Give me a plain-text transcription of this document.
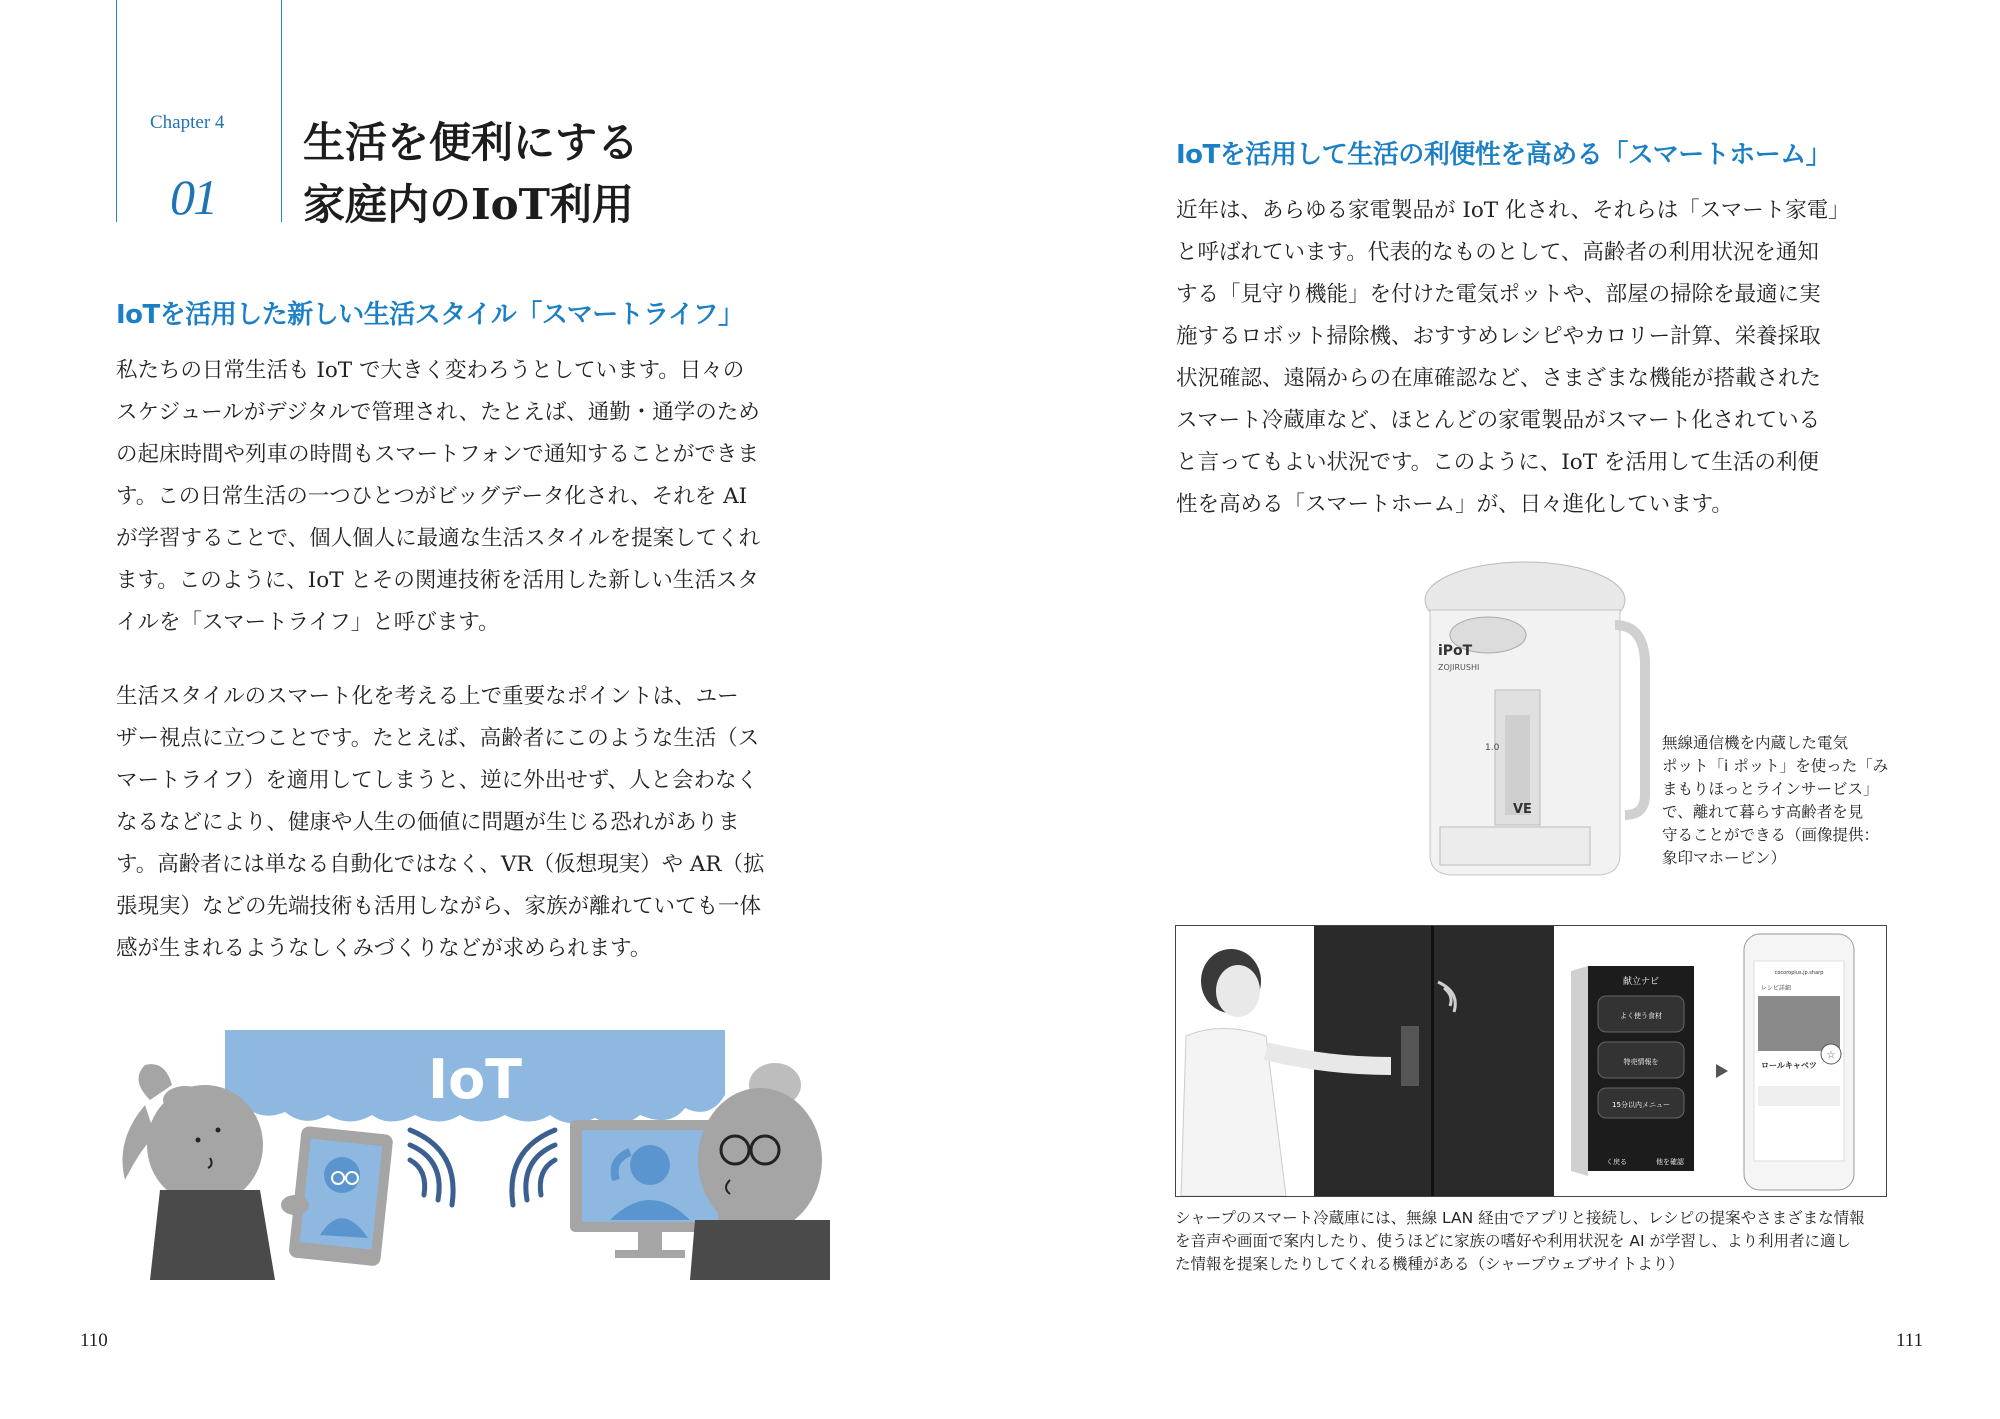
Chapter 4
01
生活を便利にする
家庭内のIoT利用
IoTを活用した新しい生活スタイル「スマートライフ」
私たちの日常生活も IoT で大きく変わろうとしています。日々の
スケジュールがデジタルで管理され、たとえば、通勤・通学のため
の起床時間や列車の時間もスマートフォンで通知することができま
す。この日常生活の一つひとつがビッグデータ化され、それを AI
が学習することで、個人個人に最適な生活スタイルを提案してくれ
ます。このように、IoT とその関連技術を活用した新しい生活スタ
イルを「スマートライフ」と呼びます。
生活スタイルのスマート化を考える上で重要なポイントは、ユー
ザー視点に立つことです。たとえば、高齢者にこのような生活（ス
マートライフ）を適用してしまうと、逆に外出せず、人と会わなく
なるなどにより、健康や人生の価値に問題が生じる恐れがありま
す。高齢者には単なる自動化ではなく、VR（仮想現実）や AR（拡
張現実）などの先端技術も活用しながら、家族が離れていても一体
感が生まれるようなしくみづくりなどが求められます。
IoT
110
IoTを活用して生活の利便性を高める「スマートホーム」
近年は、あらゆる家電製品が IoT 化され、それらは「スマート家電」
と呼ばれています。代表的なものとして、高齢者の利用状況を通知
する「見守り機能」を付けた電気ポットや、部屋の掃除を最適に実
施するロボット掃除機、おすすめレシピやカロリー計算、栄養採取
状況確認、遠隔からの在庫確認など、さまざまな機能が搭載された
スマート冷蔵庫など、ほとんどの家電製品がスマート化されている
と言ってもよい状況です。このように、IoT を活用して生活の利便
性を高める「スマートホーム」が、日々進化しています。
iPoT
ZOJIRUSHI
1.0
VE
無線通信機を内蔵した電気
ポット「i ポット」を使った「み
まもりほっとラインサービス」
で、離れて暮らす高齢者を見
守ることができる（画像提供：
象印マホービン）
献立ナビ
よく使う食材
特売情報を
15分以内メニュー
く戻る	他を確認
cocoroplus.jp.sharp
レシピ詳細
ロールキャベツ
☆
シャープのスマート冷蔵庫には、無線 LAN 経由でアプリと接続し、レシピの提案やさまざまな情報
を音声や画面で案内したり、使うほどに家族の嗜好や利用状況を AI が学習し、より利用者に適し
た情報を提案したりしてくれる機種がある（シャープウェブサイトより）
111
